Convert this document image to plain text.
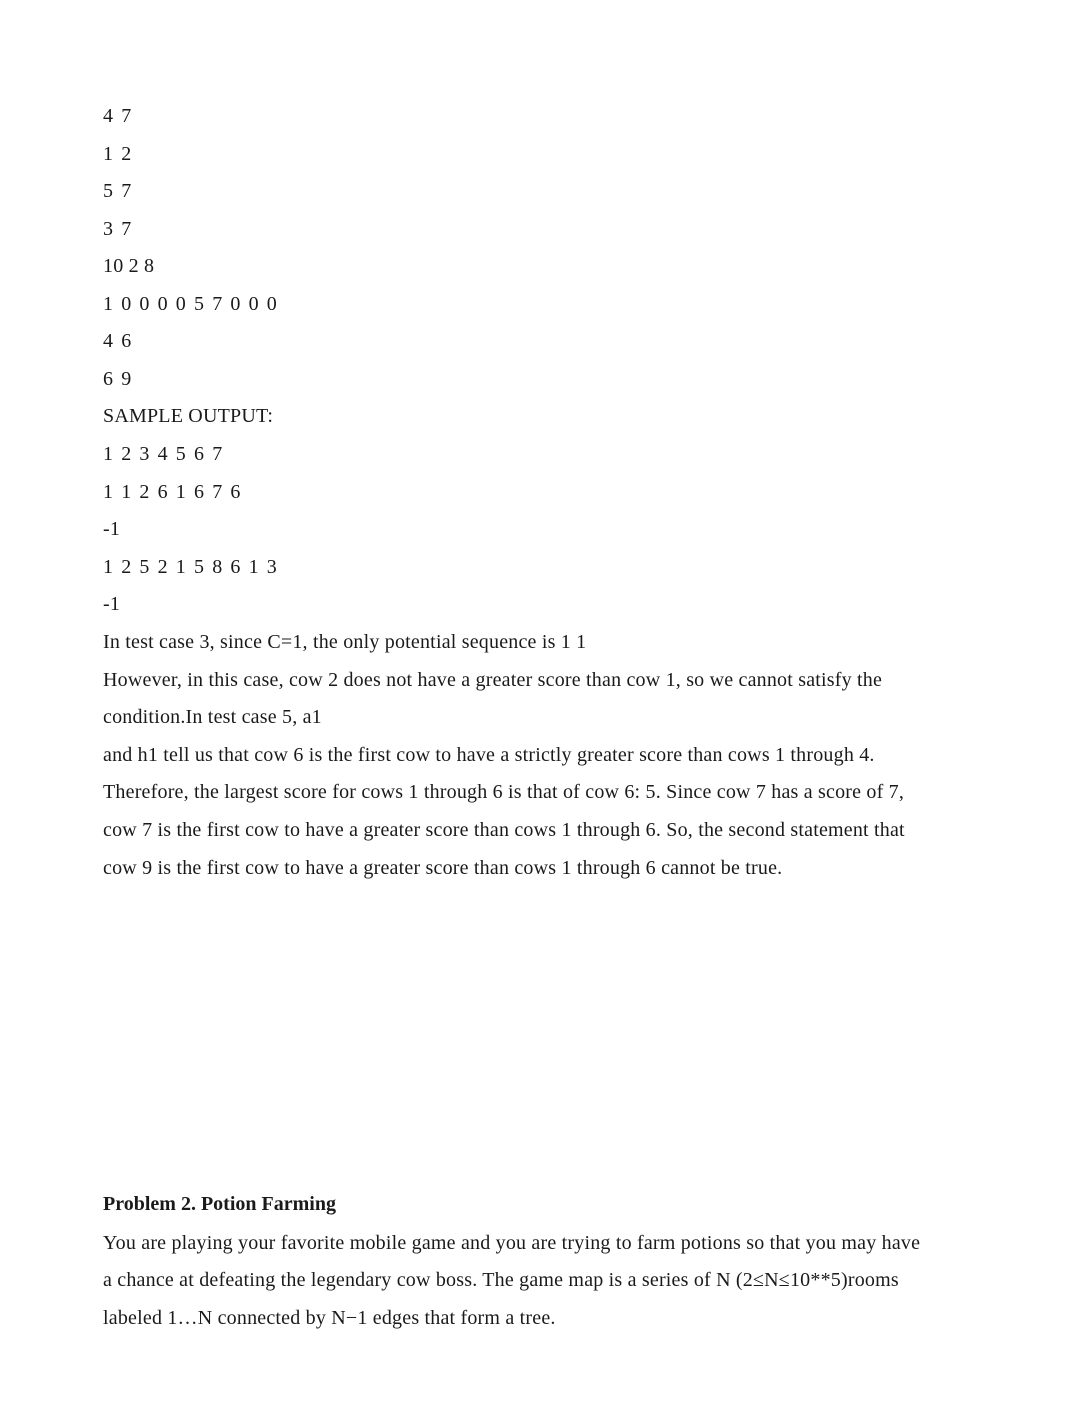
4 7
1 2
5 7
3 7
10 2 8
1 0 0 0 0 5 7 0 0 0
4 6
6 9
SAMPLE OUTPUT:
1 2 3 4 5 6 7
1 1 2 6 1 6 7 6
-1
1 2 5 2 1 5 8 6 1 3
-1
In test case 3, since C=1, the only potential sequence is 1 1
However, in this case, cow 2 does not have a greater score than cow 1, so we cannot satisfy the
condition.In test case 5, a1
and h1 tell us that cow 6 is the first cow to have a strictly greater score than cows 1 through 4.
Therefore, the largest score for cows 1 through 6 is that of cow 6: 5. Since cow 7 has a score of 7,
cow 7 is the first cow to have a greater score than cows 1 through 6. So, the second statement that
cow 9 is the first cow to have a greater score than cows 1 through 6 cannot be true.
Problem 2. Potion Farming
You are playing your favorite mobile game and you are trying to farm potions so that you may have
a chance at defeating the legendary cow boss. The game map is a series of N (2≤N≤10**5)rooms
labeled 1…N connected by N−1 edges that form a tree.
